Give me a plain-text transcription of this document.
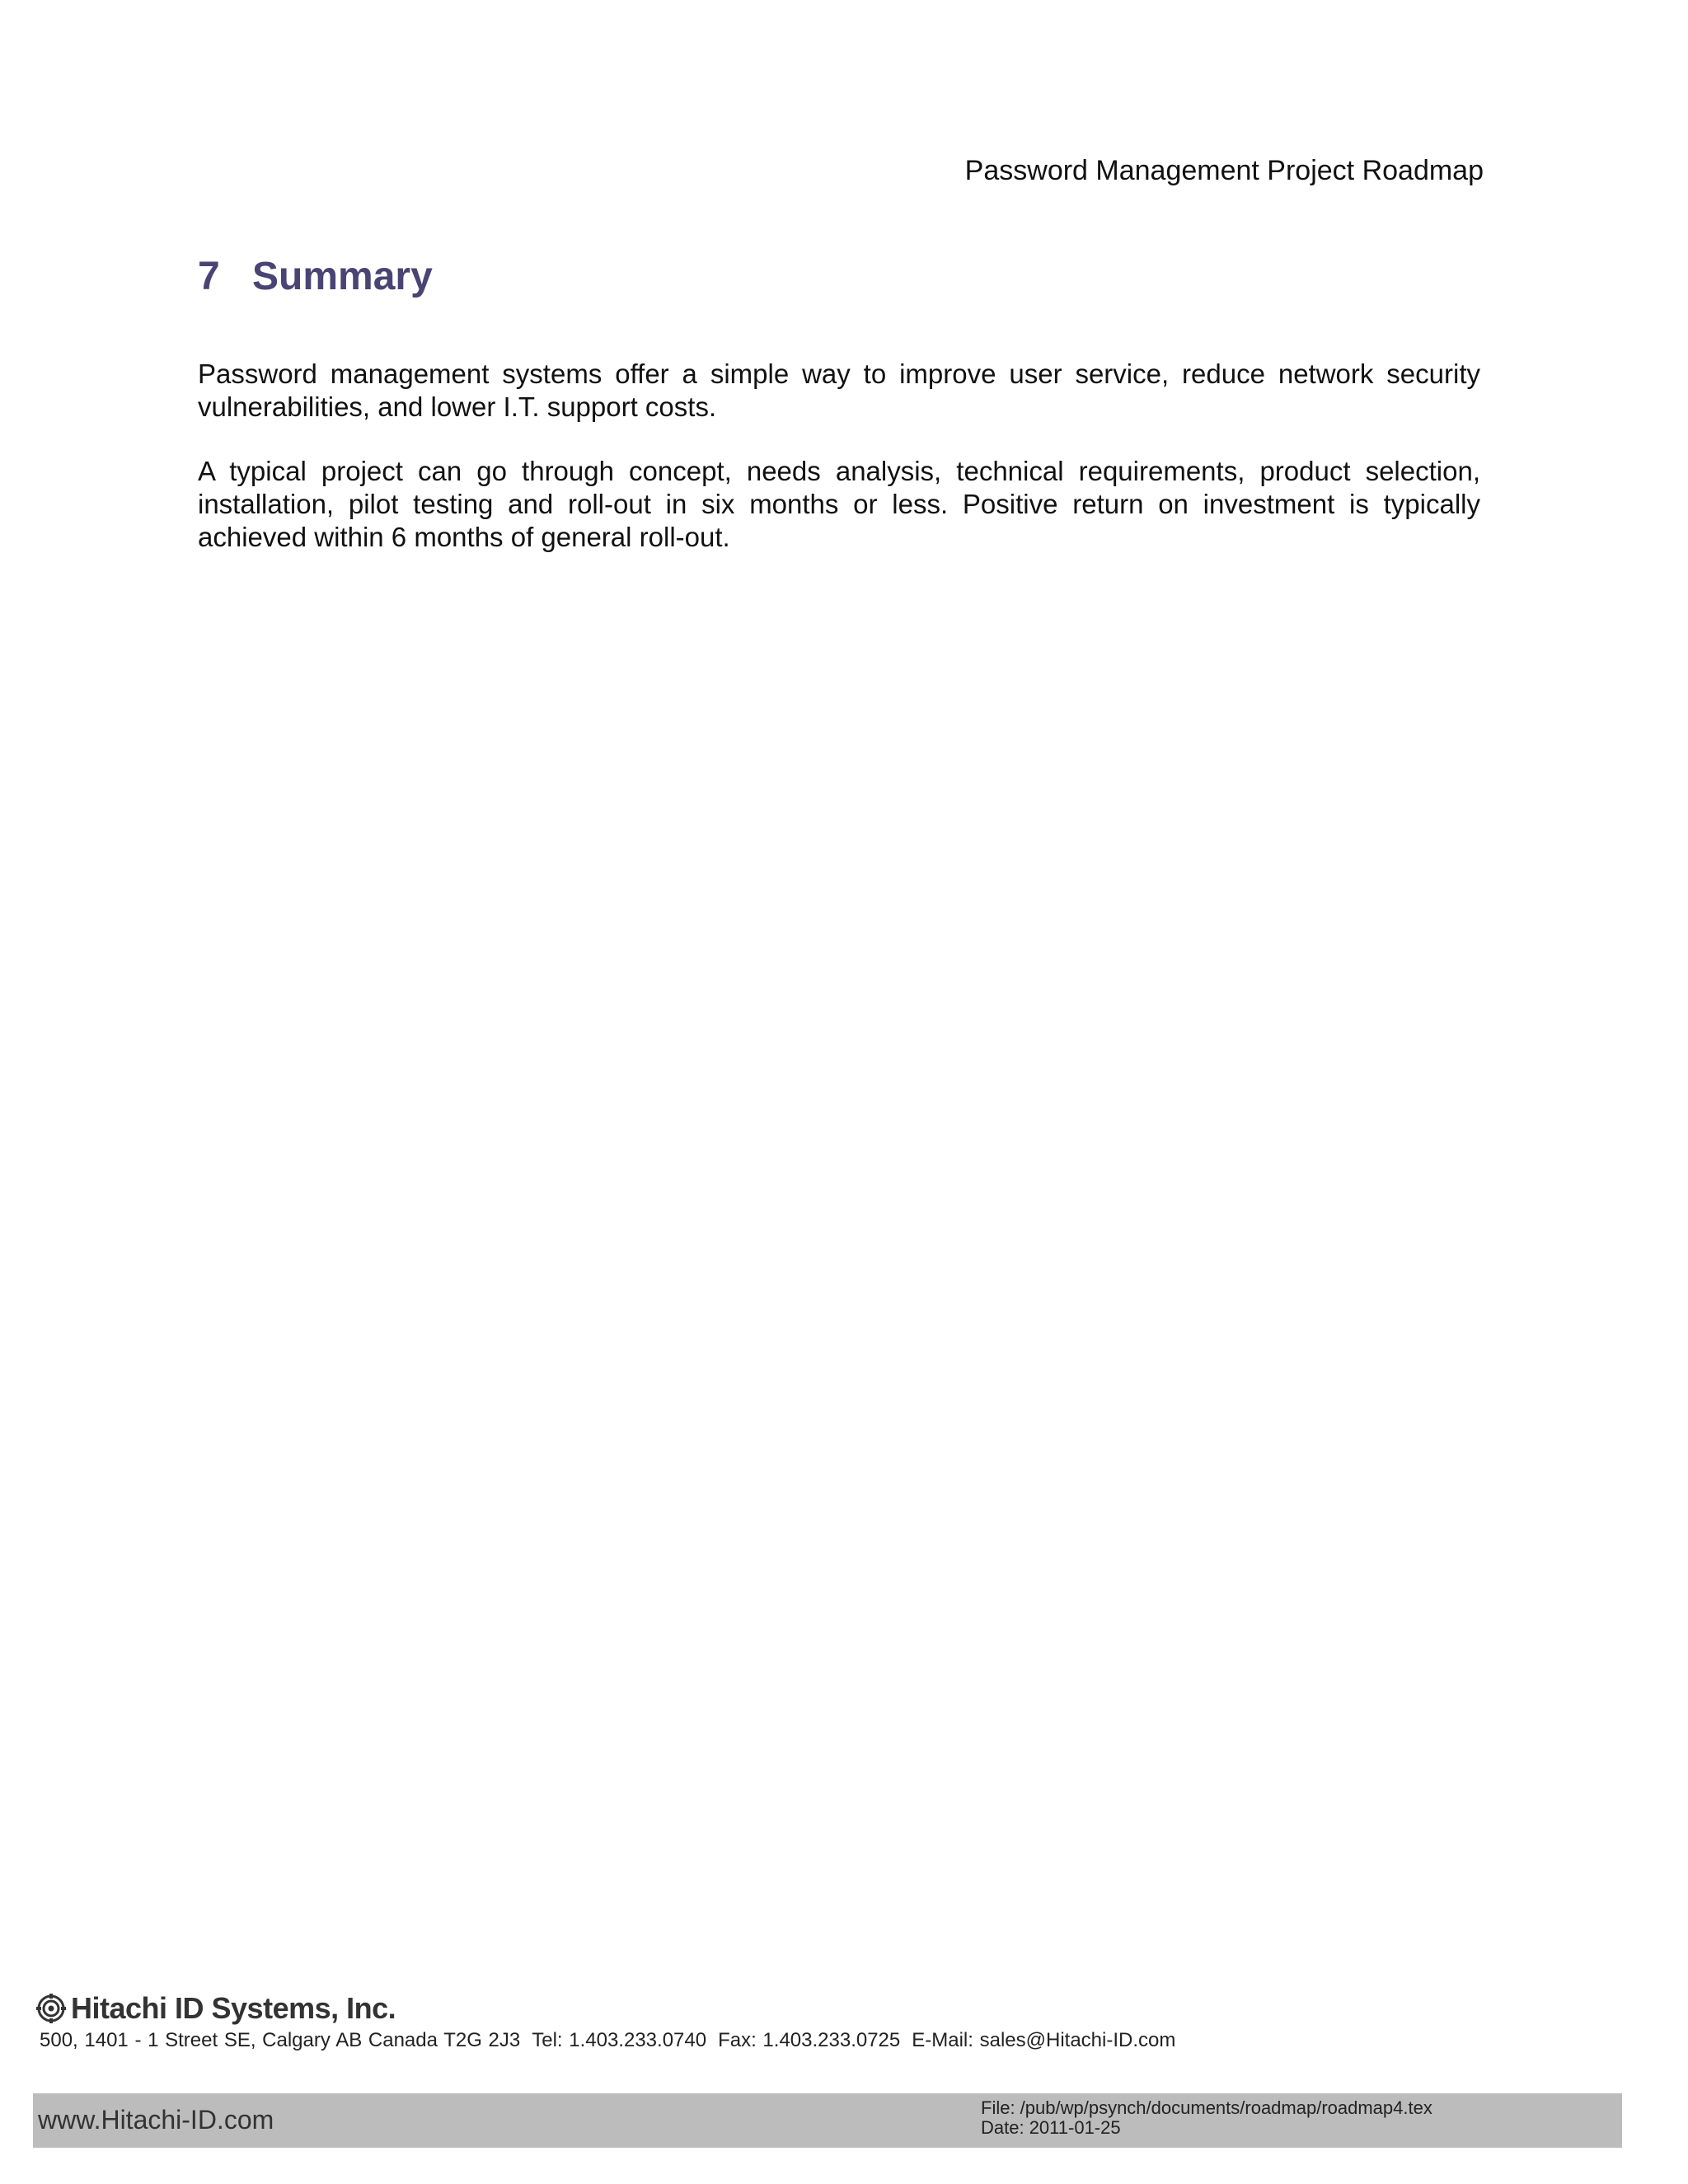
Password Management Project Roadmap
7 Summary

Password management systems offer a simple way to improve user service, reduce network security vulnerabilities, and lower I.T. support costs.

A typical project can go through concept, needs analysis, technical requirements, product selection, installation, pilot testing and roll-out in six months or less. Positive return on investment is typically achieved within 6 months of general roll-out.

Hitachi ID Systems, Inc.
500, 1401 - 1 Street SE, Calgary AB Canada T2G 2J3 Tel: 1.403.233.0740 Fax: 1.403.233.0725 E-Mail: sales@Hitachi-ID.com
www.Hitachi-ID.com	File: /pub/wp/psynch/documents/roadmap/roadmap4.tex
Date: 2011-01-25
